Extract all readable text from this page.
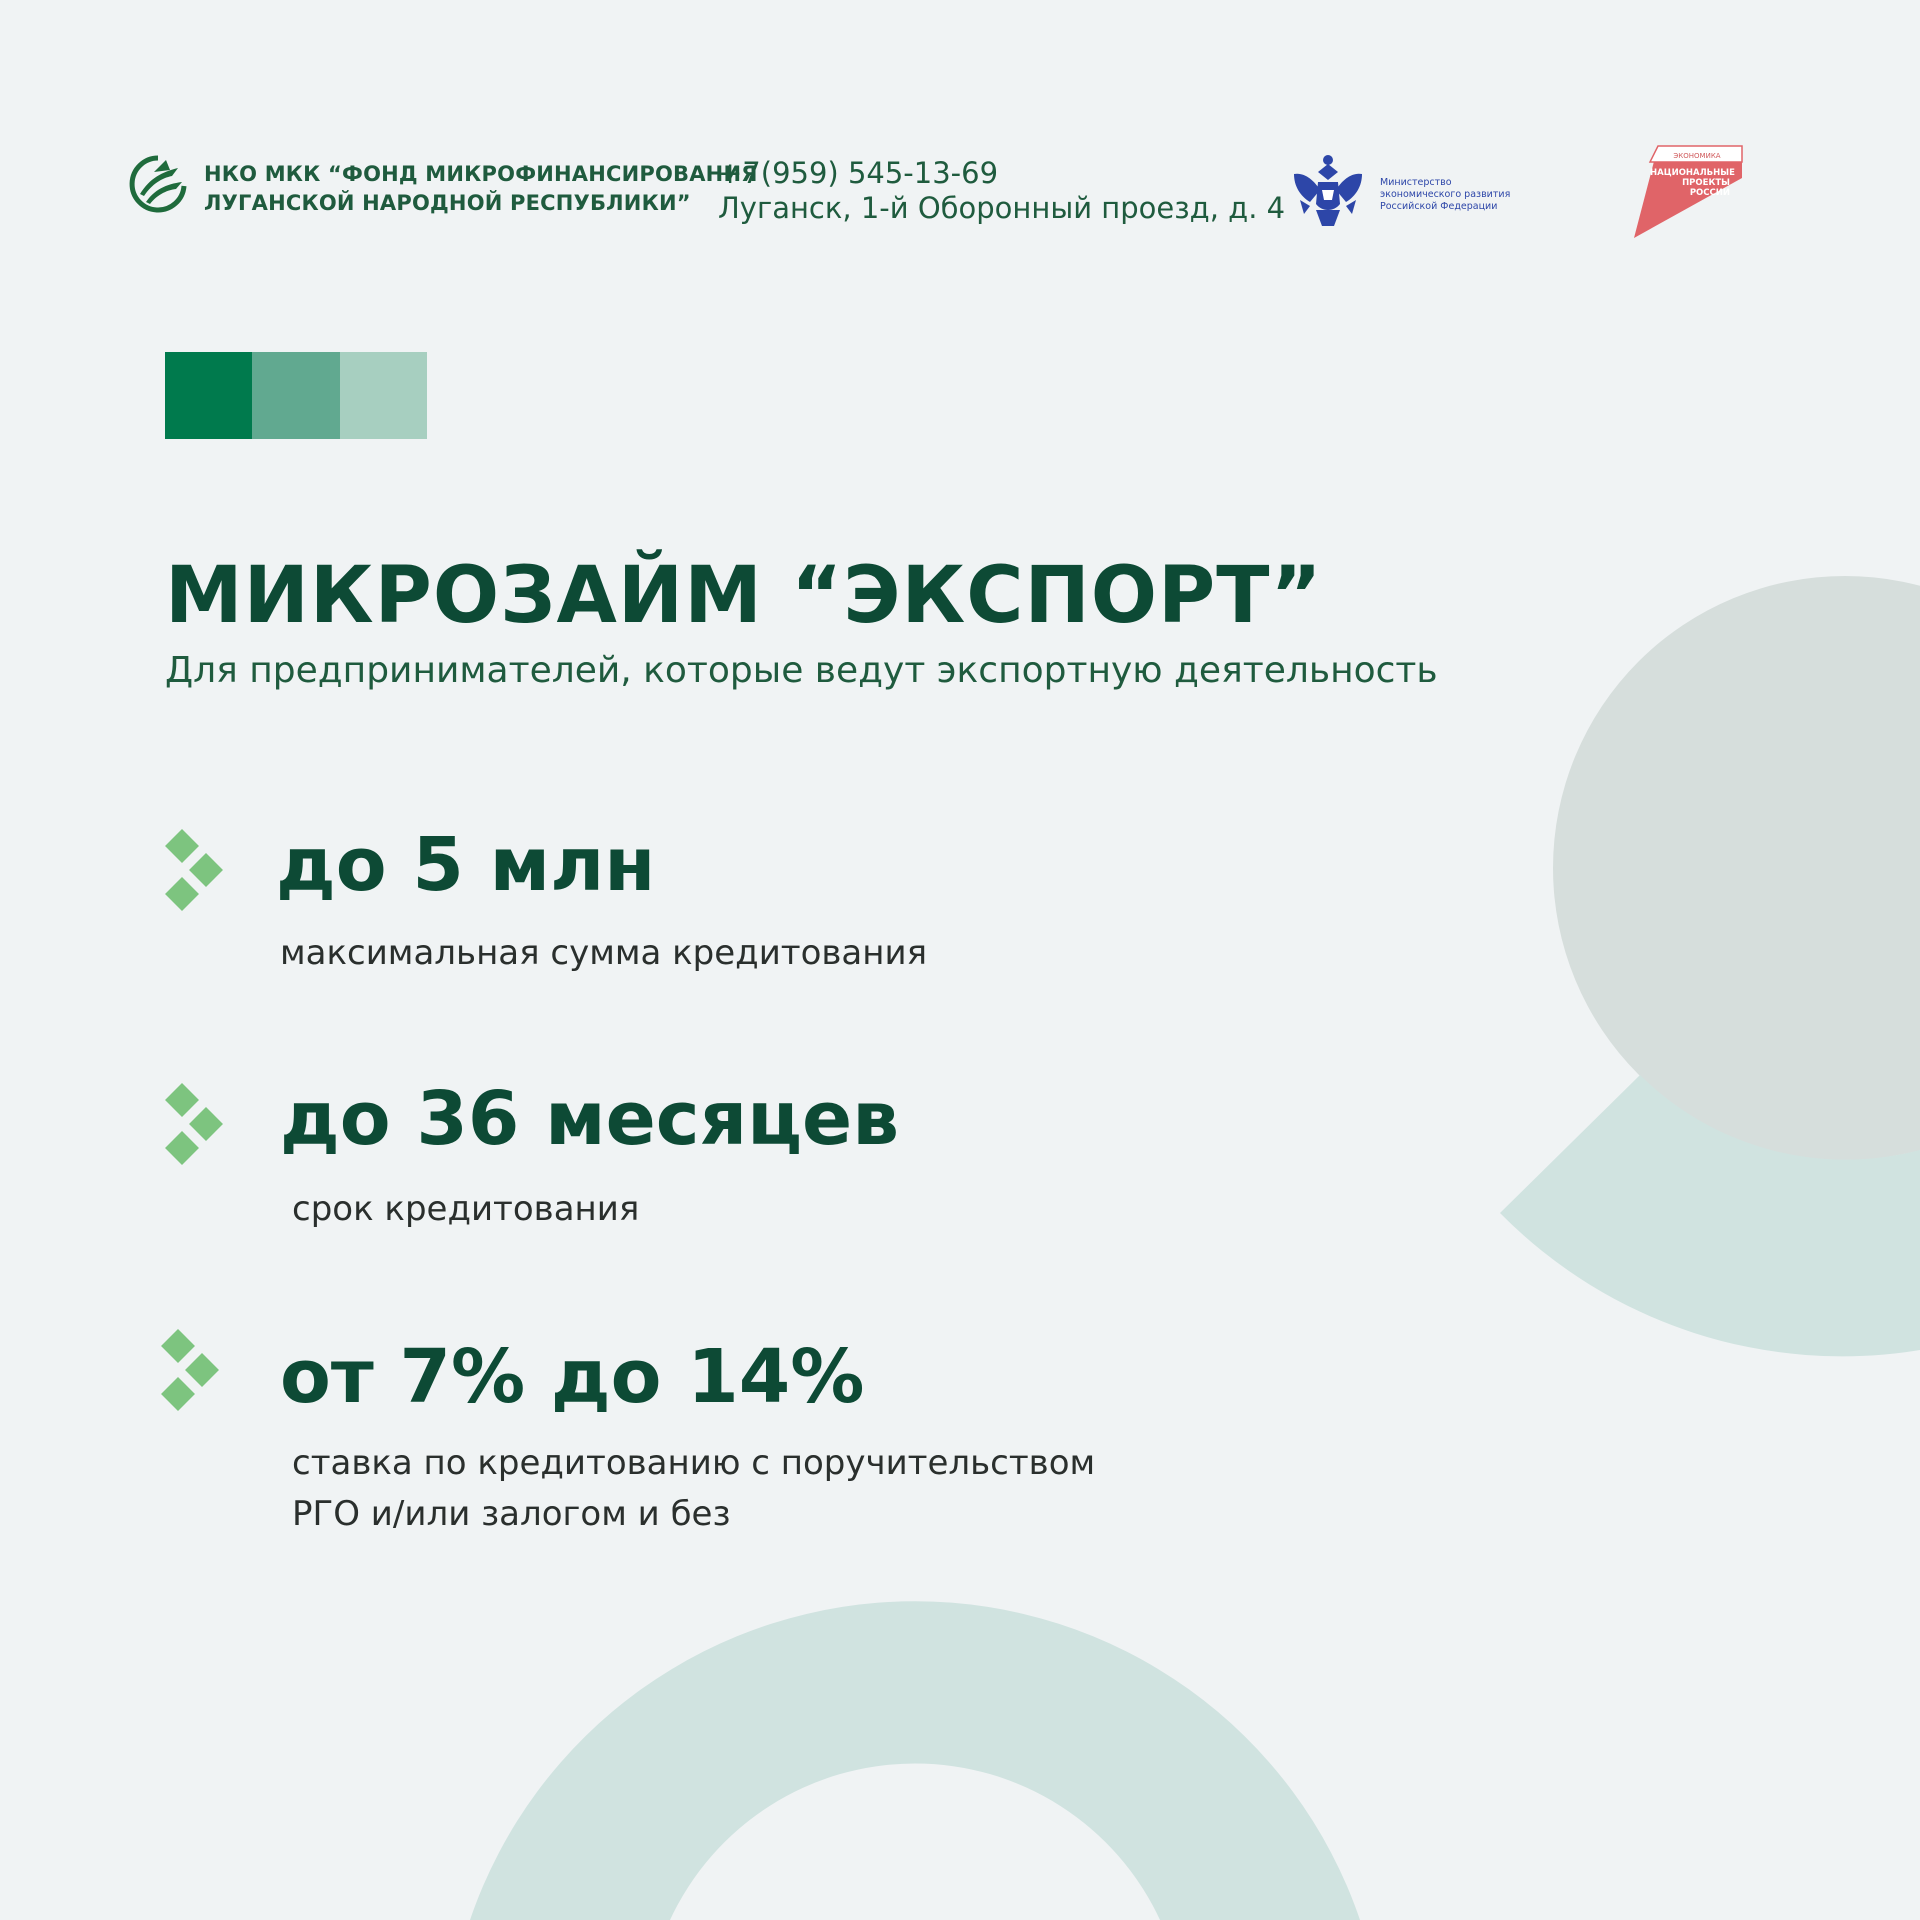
НКО МКК “ФОНД МИКРОФИНАНСИРОВАНИЯ
ЛУГАНСКОЙ НАРОДНОЙ РЕСПУБЛИКИ”
+7(959) 545-13-69
Луганск, 1-й Оборонный проезд, д. 4
Министерство
экономического развития
Российской Федерации
ЭКОНОМИКА
НАЦИОНАЛЬНЫЕ
ПРОЕКТЫ
РОССИИ
МИКРОЗАЙМ “ЭКСПОРТ”
Для предпринимателей, которые ведут экспортную деятельность
до 5 млн
максимальная сумма кредитования
до 36 месяцев
срок кредитования
от 7% до 14%
ставка по кредитованию с поручительством
РГО и/или залогом и без
